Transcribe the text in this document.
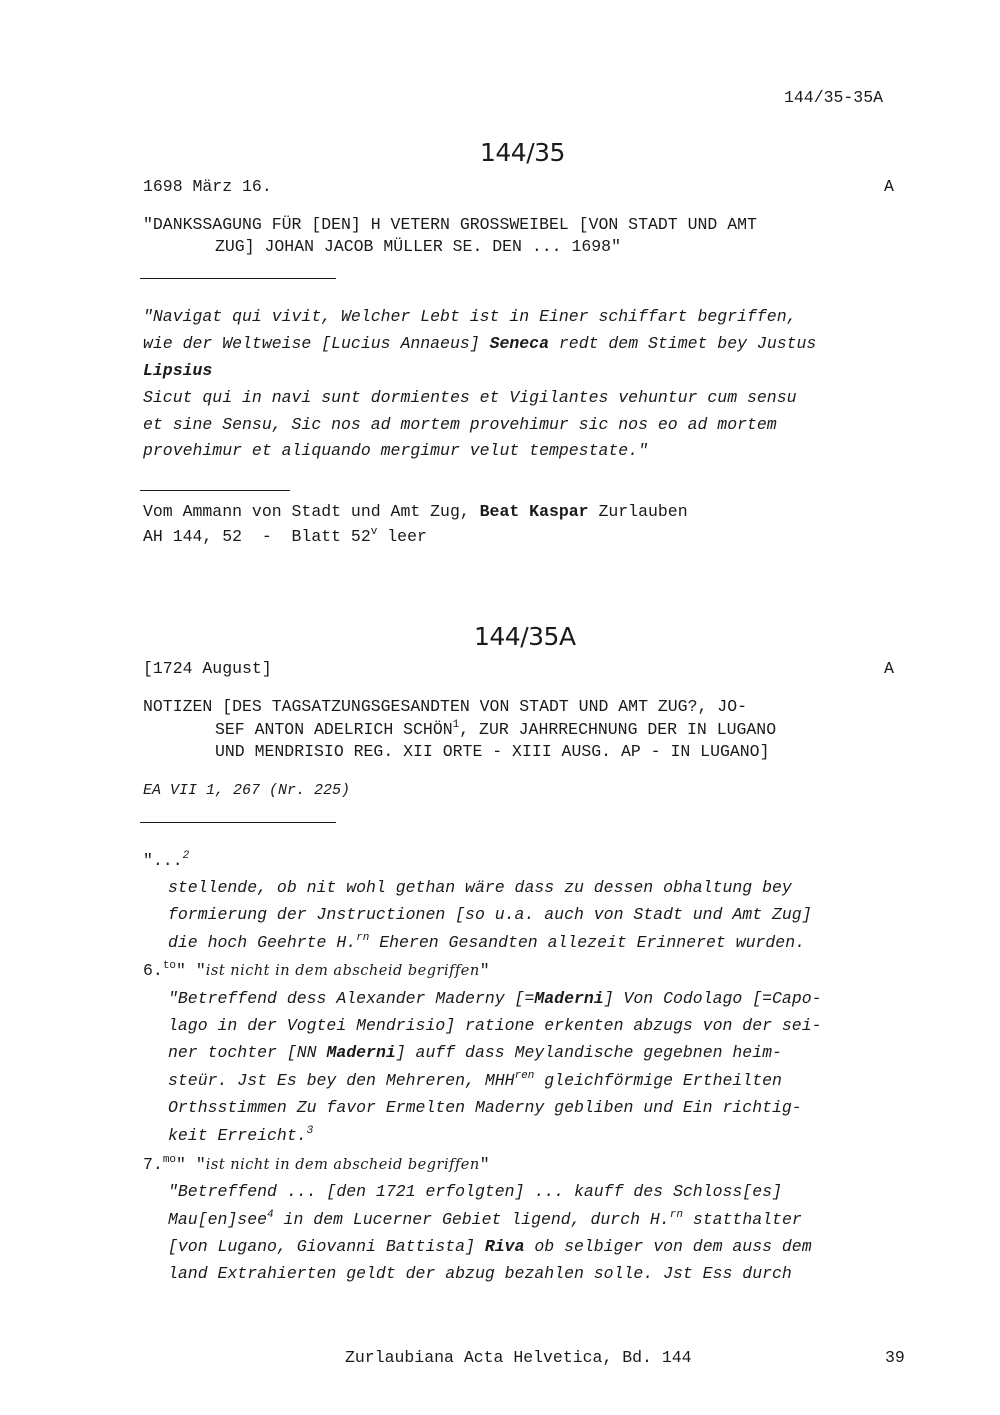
144/35-35A
144/35
1698 März 16.	A
"DANKSSAGUNG FÜR [DEN] H VETERN GROSSWEIBEL [VON STADT UND AMT
ZUG] JOHAN JACOB MÜLLER SE. DEN ... 1698"
"Navigat qui vivit, Welcher Lebt ist in Einer schiffart begriffen,
wie der Weltweise [Lucius Annaeus] Seneca redt dem Stimet bey Justus
Lipsius
Sicut qui in navi sunt dormientes et Vigilantes vehuntur cum sensu
et sine Sensu, Sic nos ad mortem provehimur sic nos eo ad mortem
provehimur et aliquando mergimur velut tempestate."
Vom Ammann von Stadt und Amt Zug, Beat Kaspar Zurlauben
AH 144, 52  -  Blatt 52$^v$ leer
144/35A
[1724 August]	A
NOTIZEN [DES TAGSATZUNGSGESANDTEN VON STADT UND AMT ZUG?, JO-
SEF ANTON ADELRICH SCHÖN$^1$, ZUR JAHRRECHNUNG DER IN LUGANO
UND MENDRISIO REG. XII ORTE - XIII AUSG. AP - IN LUGANO]
EA VII 1, 267 (Nr. 225)
"...$^2$
stellende, ob nit wohl gethan wäre dass zu dessen obhaltung bey
formierung der Jnstructionen [so u.a. auch von Stadt und Amt Zug]
die hoch Geehrte H.$^{rn}$ Eheren Gesandten allezeit Erinneret wurden.
6.$^{to}$" "ist nicht in dem abscheid begriffen"
"Betreffend dess Alexander Maderny [=Maderni] Von Codolago [=Capo-
lago in der Vogtei Mendrisio] ratione erkenten abzugs von der sei-
ner tochter [NN Maderni] auff dass Meylandische gegebnen heim-
steür. Jst Es bey den Mehreren, $MHH^{ren}$ gleichförmige Ertheilten
Orthsstimmen Zu favor Ermelten Maderny gebliben und Ein richtig-
keit Erreicht.$^3$
7.$^{mo}$" "ist nicht in dem abscheid begriffen"
"Betreffend ... [den 1721 erfolgten] ... kauff des Schloss[es]
Mau[en]see$^4$ in dem Lucerner Gebiet ligend, durch H.$^{rn}$ statthalter
[von Lugano, Giovanni Battista] Riva ob selbiger von dem auss dem
land Extrahierten geldt der abzug bezahlen solle. Jst Ess durch
Zurlaubiana Acta Helvetica, Bd. 144	39
